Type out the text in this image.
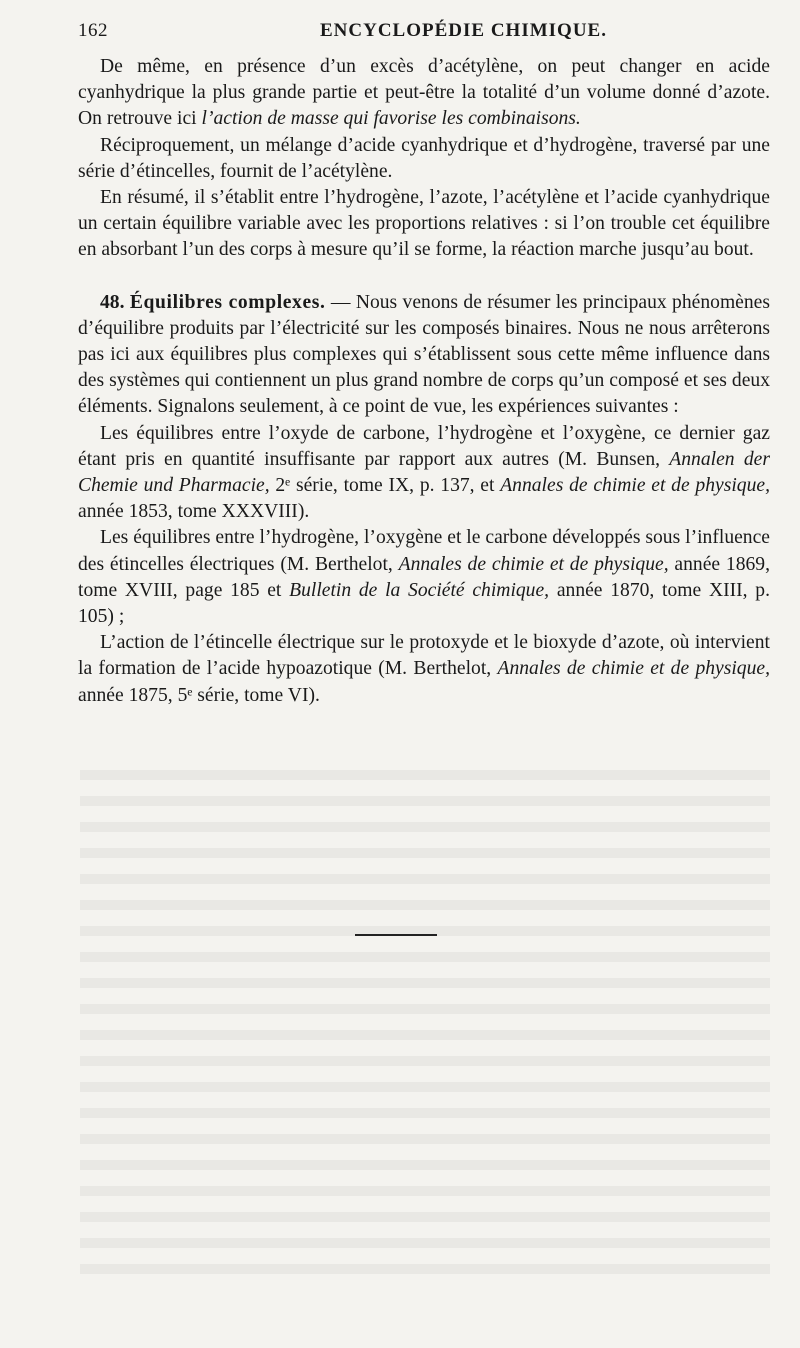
162	ENCYCLOPÉDIE CHIMIQUE.

De même, en présence d’un excès d’acétylène, on peut changer en acide cyanhydrique la plus grande partie et peut-être la totalité d’un volume donné d’azote. On retrouve ici l’action de masse qui favorise les combinaisons.

Réciproquement, un mélange d’acide cyanhydrique et d’hydrogène, traversé par une série d’étincelles, fournit de l’acétylène.

En résumé, il s’établit entre l’hydrogène, l’azote, l’acétylène et l’acide cyanhydrique un certain équilibre variable avec les proportions relatives : si l’on trouble cet équilibre en absorbant l’un des corps à mesure qu’il se forme, la réaction marche jusqu’au bout.

48. Équilibres complexes. — Nous venons de résumer les principaux phénomènes d’équilibre produits par l’électricité sur les composés binaires. Nous ne nous arrêterons pas ici aux équilibres plus complexes qui s’établissent sous cette même influence dans des systèmes qui contiennent un plus grand nombre de corps qu’un composé et ses deux éléments. Signalons seulement, à ce point de vue, les expériences suivantes :

Les équilibres entre l’oxyde de carbone, l’hydrogène et l’oxygène, ce dernier gaz étant pris en quantité insuffisante par rapport aux autres (M. Bunsen, Annalen der Chemie und Pharmacie, 2ᵉ série, tome IX, p. 137, et Annales de chimie et de physique, année 1853, tome XXXVIII).

Les équilibres entre l’hydrogène, l’oxygène et le carbone développés sous l’influence des étincelles électriques (M. Berthelot, Annales de chimie et de physique, année 1869, tome XVIII, page 185 et Bulletin de la Société chimique, année 1870, tome XIII, p. 105) ;

L’action de l’étincelle électrique sur le protoxyde et le bioxyde d’azote, où intervient la formation de l’acide hypoazotique (M. Berthelot, Annales de chimie et de physique, année 1875, 5ᵉ série, tome VI).
